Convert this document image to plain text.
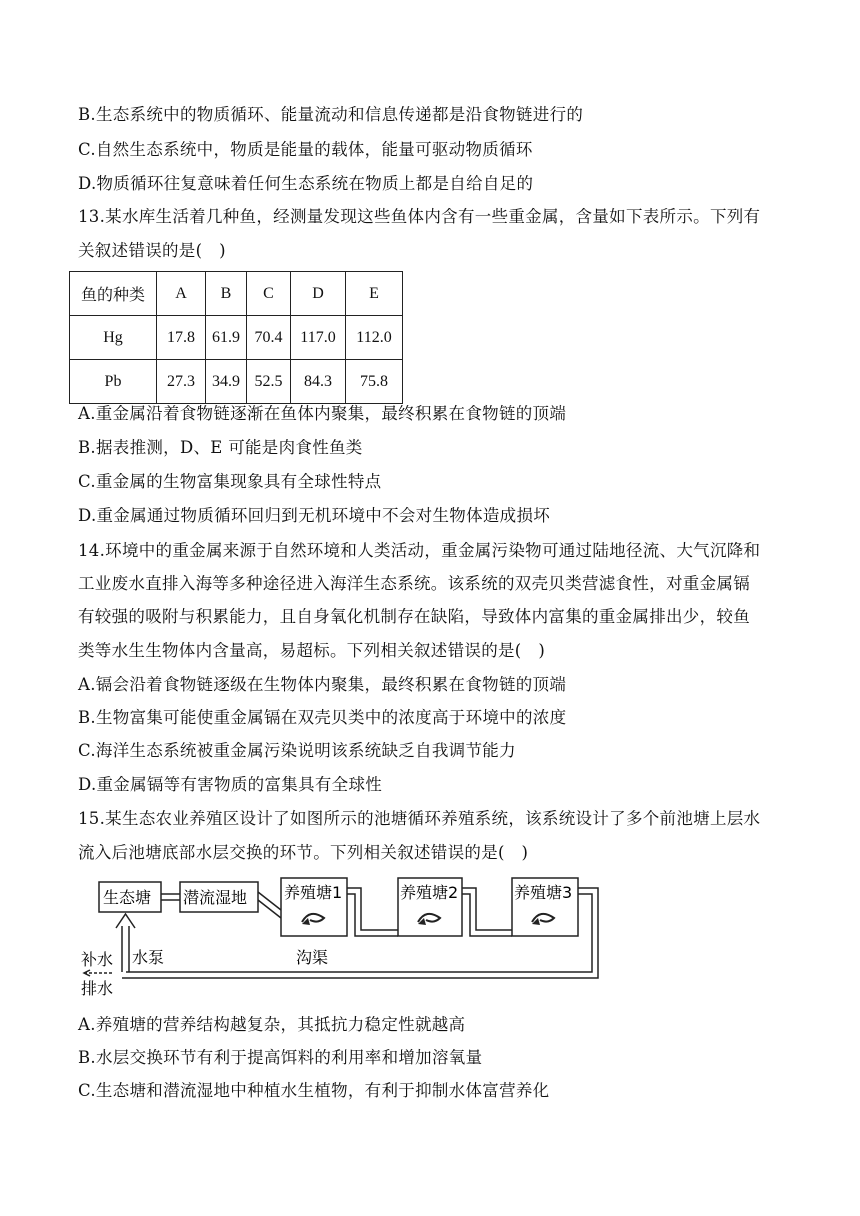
B.生态系统中的物质循环、能量流动和信息传递都是沿食物链进行的
C.自然生态系统中，物质是能量的载体，能量可驱动物质循环
D.物质循环往复意味着任何生态系统在物质上都是自给自足的
13.某水库生活着几种鱼，经测量发现这些鱼体内含有一些重金属，含量如下表所示。下列有
关叙述错误的是(　)
鱼的种类	A	B	C	D	E
Hg	17.8	61.9	70.4	117.0	112.0
Pb	27.3	34.9	52.5	84.3	75.8
A.重金属沿着食物链逐渐在鱼体内聚集，最终积累在食物链的顶端
B.据表推测，D、E 可能是肉食性鱼类
C.重金属的生物富集现象具有全球性特点
D.重金属通过物质循环回归到无机环境中不会对生物体造成损坏
14.环境中的重金属来源于自然环境和人类活动，重金属污染物可通过陆地径流、大气沉降和
工业废水直排入海等多种途径进入海洋生态系统。该系统的双壳贝类营滤食性，对重金属镉
有较强的吸附与积累能力，且自身氧化机制存在缺陷，导致体内富集的重金属排出少，较鱼
类等水生生物体内含量高，易超标。下列相关叙述错误的是(　)
A.镉会沿着食物链逐级在生物体内聚集，最终积累在食物链的顶端
B.生物富集可能使重金属镉在双壳贝类中的浓度高于环境中的浓度
C.海洋生态系统被重金属污染说明该系统缺乏自我调节能力
D.重金属镉等有害物质的富集具有全球性
15.某生态农业养殖区设计了如图所示的池塘循环养殖系统，该系统设计了多个前池塘上层水
流入后池塘底部水层交换的环节。下列相关叙述错误的是(　)
生态塘 潜流湿地 养殖塘1	养殖塘2	养殖塘3
水泵	沟渠
补水
排水
A.养殖塘的营养结构越复杂，其抵抗力稳定性就越高
B.水层交换环节有利于提高饵料的利用率和增加溶氧量
C.生态塘和潜流湿地中种植水生植物，有利于抑制水体富营养化
